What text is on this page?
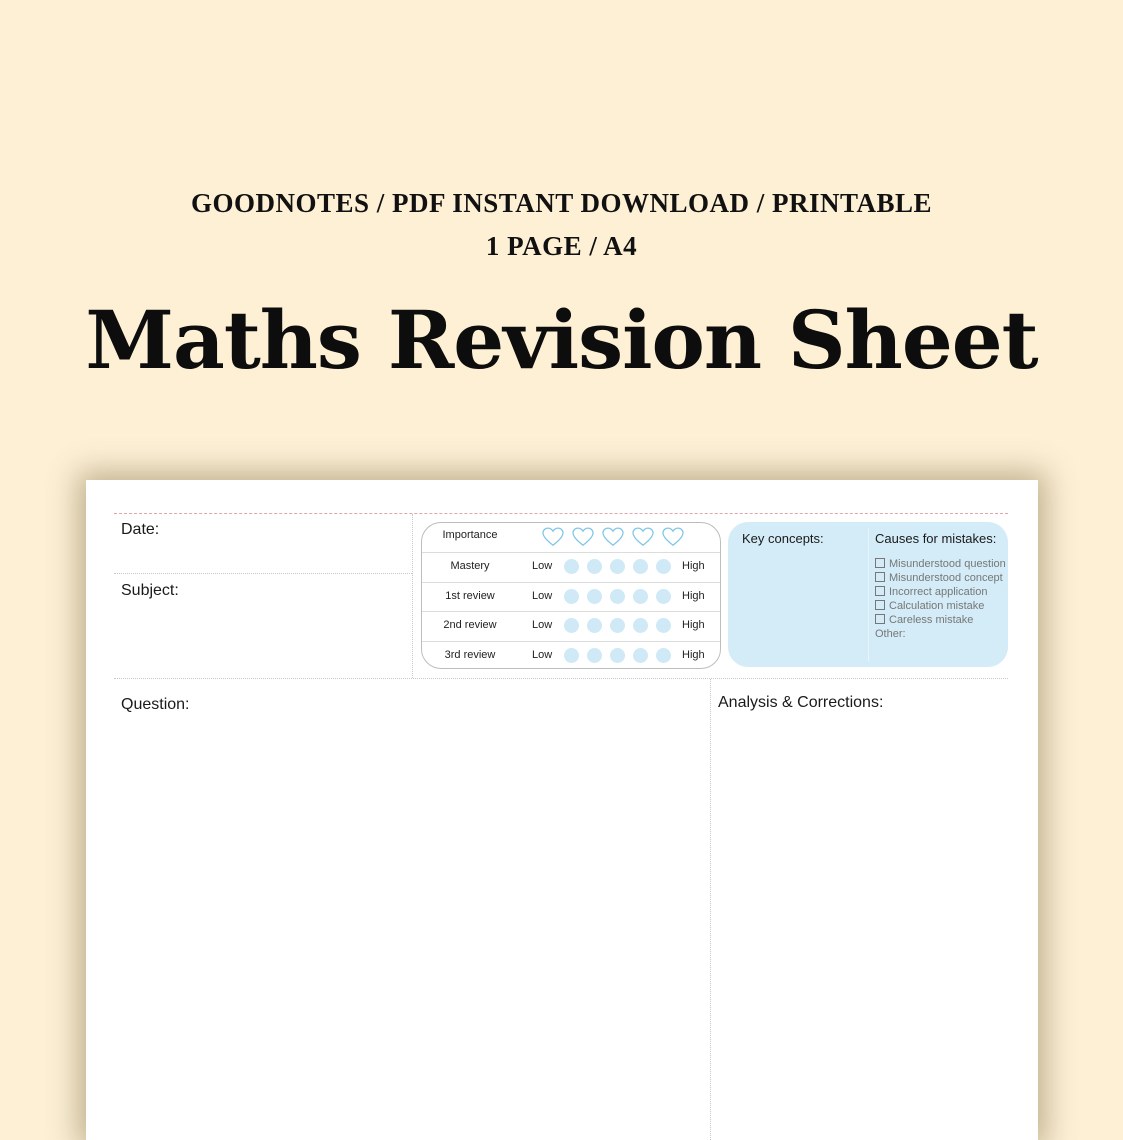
GOODNOTES / PDF INSTANT DOWNLOAD / PRINTABLE
1 PAGE / A4
Maths Revision Sheet
Date:
Subject:
Importance
Mastery	Low	High
1st review	Low	High
2nd review	Low	High
3rd review	Low	High
Key concepts:	Causes for mistakes:
Misunderstood question
Misunderstood concept
Incorrect application
Calculation mistake
Careless mistake
Other:
Question:	Analysis & Corrections:
